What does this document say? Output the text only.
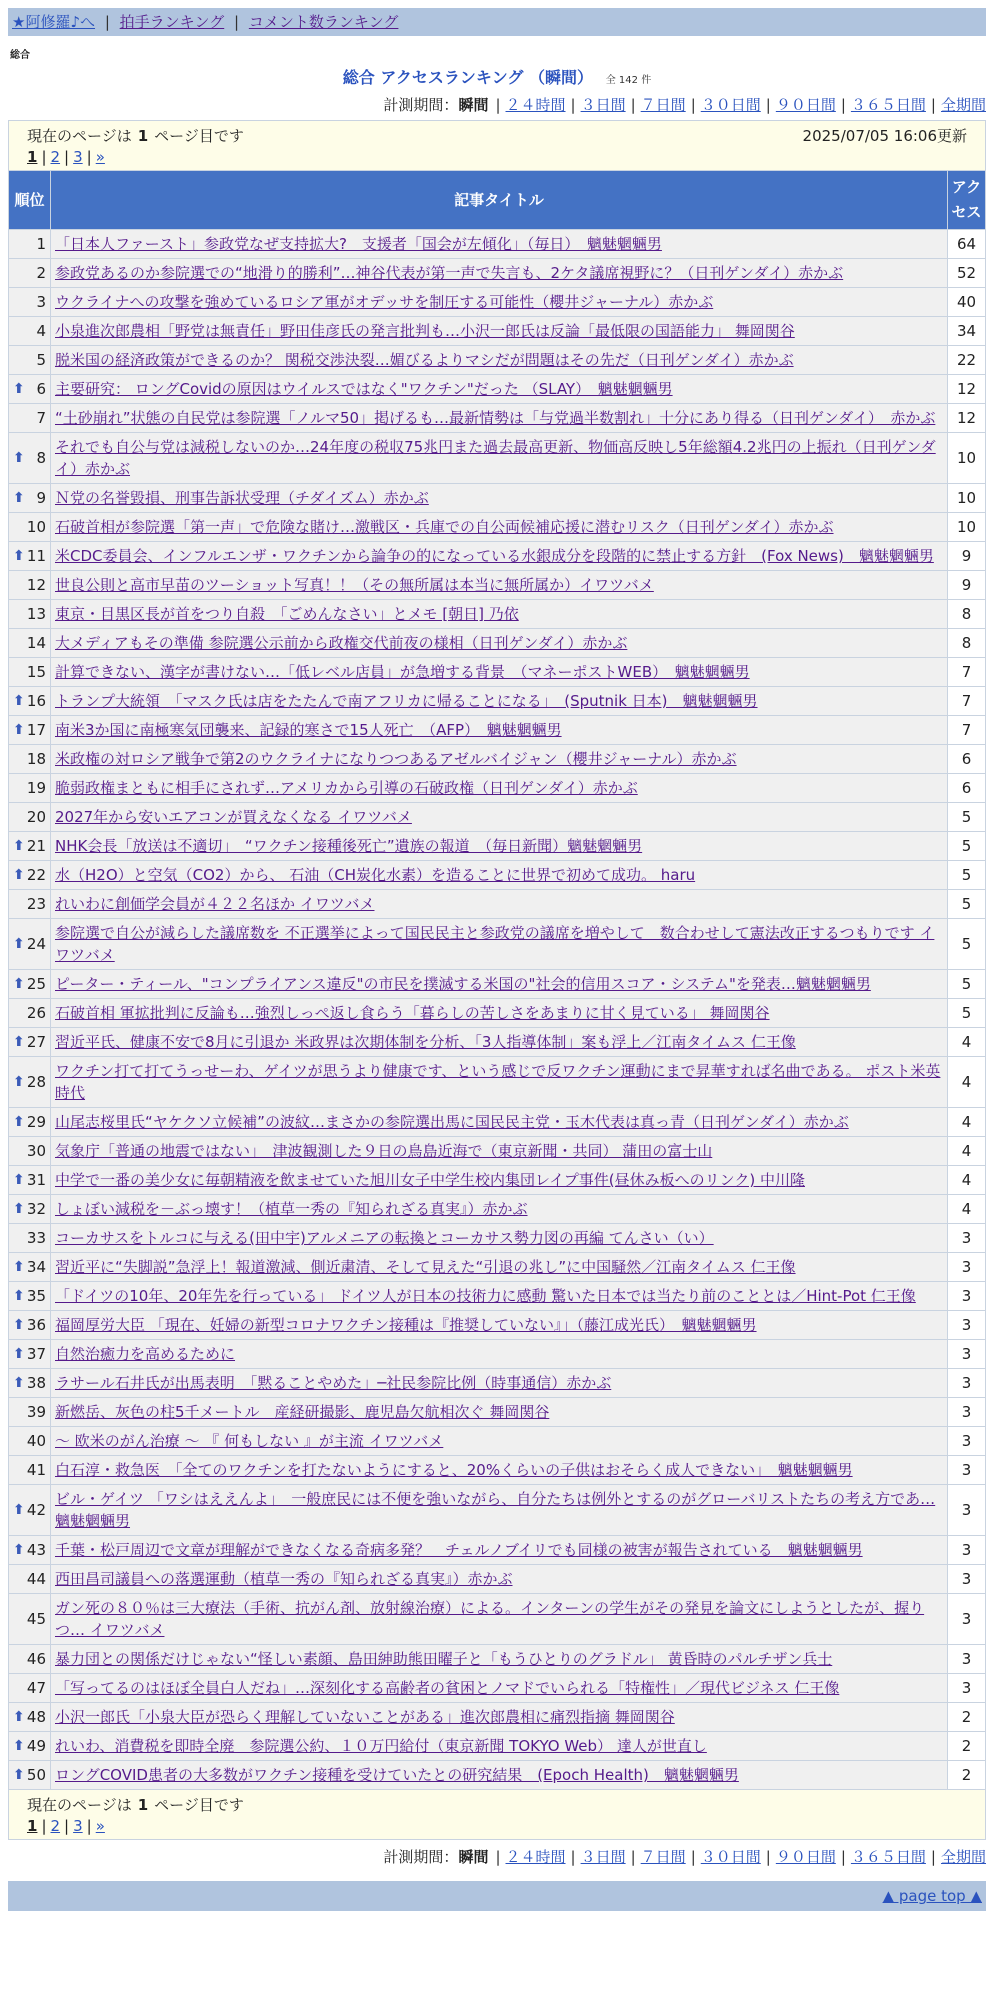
★阿修羅♪へ | 拍手ランキング | コメント数ランキング
総合
総合 アクセスランキング （瞬間） 全 142 件
計測期間：瞬間 | ２４時間 | ３日間 | ７日間 | ３０日間 | ９０日間 | ３６５日間 | 全期間
現在のページは 1 ページ目です 2025/07/05 16:06更新
1 | 2 | 3 | »		

順位	記事タイトル	アクセス
1	「日本人ファースト」参政党なぜ支持拡大?　支援者「国会が左傾化」（毎日）　魑魅魍魎男	64
2	参政党あるのか参院選での“地滑り的勝利”…神谷代表が第一声で失言も、2ケタ議席視野に？（日刊ゲンダイ）赤かぶ	52
3	ウクライナへの攻撃を強めているロシア軍がオデッサを制圧する可能性（櫻井ジャーナル）赤かぶ	40
4	小泉進次郎農相「野党は無責任」野田佳彦氏の発言批判も…小沢一郎氏は反論「最低限の国語能力」 舞岡関谷	34
5	脱米国の経済政策ができるのか？ 関税交渉決裂…媚びるよりマシだが問題はその先だ（日刊ゲンダイ）赤かぶ	22

⬆ 6	主要研究： ロングCovidの原因はウイルスではなく"ワクチン"だった （SLAY）　魑魅魍魎男	12
7	“土砂崩れ”状態の自民党は参院選「ノルマ50」掲げるも…最新情勢は「与党過半数割れ」十分にあり得る（日刊ゲンダイ）　赤かぶ	12

⬆ 8	それでも自公与党は減税しないのか…24年度の税収75兆円また過去最高更新、物価高反映し5年総額4.2兆円の上振れ（日刊ゲンダイ）赤かぶ	10

⬆ 9	Ｎ党の名誉毀損、刑事告訴状受理（チダイズム）赤かぶ	10
10	石破首相が参院選「第一声」で危険な賭け…激戦区・兵庫での自公両候補応援に潜むリスク（日刊ゲンダイ）赤かぶ	10

⬆ 11	米CDC委員会、インフルエンザ・ワクチンから論争の的になっている水銀成分を段階的に禁止する方針　(Fox News)　魑魅魍魎男	9
12	世良公則と高市早苗のツーショット写真！！（その無所属は本当に無所属か）イワツバメ	9
13	東京・目黒区長が首をつり自殺　「ごめんなさい」とメモ [朝日] 乃依	8
14	大メディアもその準備 参院選公示前から政権交代前夜の様相（日刊ゲンダイ）赤かぶ	8
15	計算できない、漢字が書けない…「低レベル店員」が急増する背景　（マネーポストWEB）　魑魅魍魎男	7

⬆ 16	トランプ大統領　「マスク氏は店をたたんで南アフリカに帰ることになる」　(Sputnik 日本)　魑魅魍魎男	7

⬆ 17	南米3か国に南極寒気団襲来、記録的寒さで15人死亡　（AFP）　魑魅魍魎男	7
18	米政権の対ロシア戦争で第2のウクライナになりつつあるアゼルバイジャン（櫻井ジャーナル）赤かぶ	6
19	脆弱政権まともに相手にされず…アメリカから引導の石破政権（日刊ゲンダイ）赤かぶ	6
20	2027年から安いエアコンが買えなくなる イワツバメ	5

⬆ 21	NHK会長「放送は不適切」　“ワクチン接種後死亡”遺族の報道　（毎日新聞）魑魅魍魎男	5

⬆ 22	水（H2O）と空気（CO2）から、 石油（CH炭化水素）を造ることに世界で初めて成功。 haru	5
23	れいわに創価学会員が４２２名ほか イワツバメ	5

⬆ 24	参院選で自公が減らした議席数を 不正選挙によって国民民主と参政党の議席を増やして　数合わせして憲法改正するつもりです イワツバメ	5

⬆ 25	ピーター・ティール、"コンプライアンス違反"の市民を撲滅する米国の"社会的信用スコア・システム"を発表…魑魅魍魎男	5
26	石破首相 軍拡批判に反論も…強烈しっぺ返し食らう「暮らしの苦しさをあまりに甘く見ている」 舞岡関谷	5

⬆ 27	習近平氏、健康不安で8月に引退か 米政界は次期体制を分析、「3人指導体制」案も浮上／江南タイムス 仁王像	4

⬆ 28	ワクチン打て打てうっせーわ、ゲイツが思うより健康です、という感じで反ワクチン運動にまで昇華すれば名曲である。 ポスト米英時代	4

⬆ 29	山尾志桜里氏“ヤケクソ立候補”の波紋…まさかの参院選出馬に国民民主党・玉木代表は真っ青（日刊ゲンダイ）赤かぶ	4
30	気象庁「普通の地震ではない」　津波観測した９日の鳥島近海で（東京新聞・共同） 蒲田の富士山	4

⬆ 31	中学で一番の美少女に毎朝精液を飲ませていた旭川女子中学生校内集団レイプ事件(昼休み板へのリンク) 中川隆	4

⬆ 32	しょぼい減税を－ぶっ壊す！（植草一秀の『知られざる真実』）赤かぶ	4
33	コーカサスをトルコに与える(田中宇)アルメニアの転換とコーカサス勢力図の再編 てんさい（い）	3

⬆ 34	習近平に“失脚説”急浮上！報道激減、側近粛清、そして見えた“引退の兆し”に中国騒然／江南タイムス 仁王像	3

⬆ 35	「ドイツの10年、20年先を行っている」 ドイツ人が日本の技術力に感動 驚いた日本では当たり前のこととは／Hint-Pot 仁王像	3

⬆ 36	福岡厚労大臣 「現在、妊婦の新型コロナワクチン接種は『推奨していない』」（藤江成光氏）　魑魅魍魎男	3

⬆ 37	自然治癒力を高めるために	3

⬆ 38	ラサール石井氏が出馬表明　「黙ることやめた」─社民参院比例（時事通信）赤かぶ	3
39	新燃岳、灰色の柱5千メートル　産経研撮影、鹿児島欠航相次ぐ 舞岡関谷	3
40	～ 欧米のがん治療 ～ 『 何もしない 』が主流 イワツバメ	3
41	白石淳・救急医　「全てのワクチンを打たないようにすると、20%くらいの子供はおそらく成人できない」　魑魅魍魎男	3

⬆ 42	ビル・ゲイツ 「ワシはええんよ」　一般庶民には不便を強いながら、自分たちは例外とするのがグローバリストたちの考え方であ… 魑魅魍魎男	3

⬆ 43	千葉・松戸周辺で文章が理解ができなくなる奇病多発？　チェルノブイリでも同様の被害が報告されている　魑魅魍魎男	3
44	西田昌司議員への落選運動（植草一秀の『知られざる真実』）赤かぶ	3
45	ガン死の８０％は三大療法（手術、抗がん剤、放射線治療）による。インターンの学生がその発見を論文にしようとしたが、握りつ… イワツバメ	3
46	暴力団との関係だけじゃない“怪しい素顔、島田紳助熊田曜子と「もうひとりのグラドル」 黄昏時のパルチザン兵士	3
47	「写ってるのはほぼ全員白人だね」…深刻化する高齢者の貧困とノマドでいられる「特権性」／現代ビジネス 仁王像	3

⬆ 48	小沢一郎氏「小泉大臣が恐らく理解していないことがある」進次郎農相に痛烈指摘 舞岡関谷	2

⬆ 49	れいわ、消費税を即時全廃　参院選公約、１０万円給付（東京新聞 TOKYO Web） 達人が世直し	2

⬆ 50	ロングCOVID患者の大多数がワクチン接種を受けていたとの研究結果　(Epoch Health)　魑魅魍魎男	2

現在のページは 1 ページ目です
1 | 2 | 3 | »		
計測期間：瞬間 | ２４時間 | ３日間 | ７日間 | ３０日間 | ９０日間 | ３６５日間 | 全期間
▲ page top ▲
